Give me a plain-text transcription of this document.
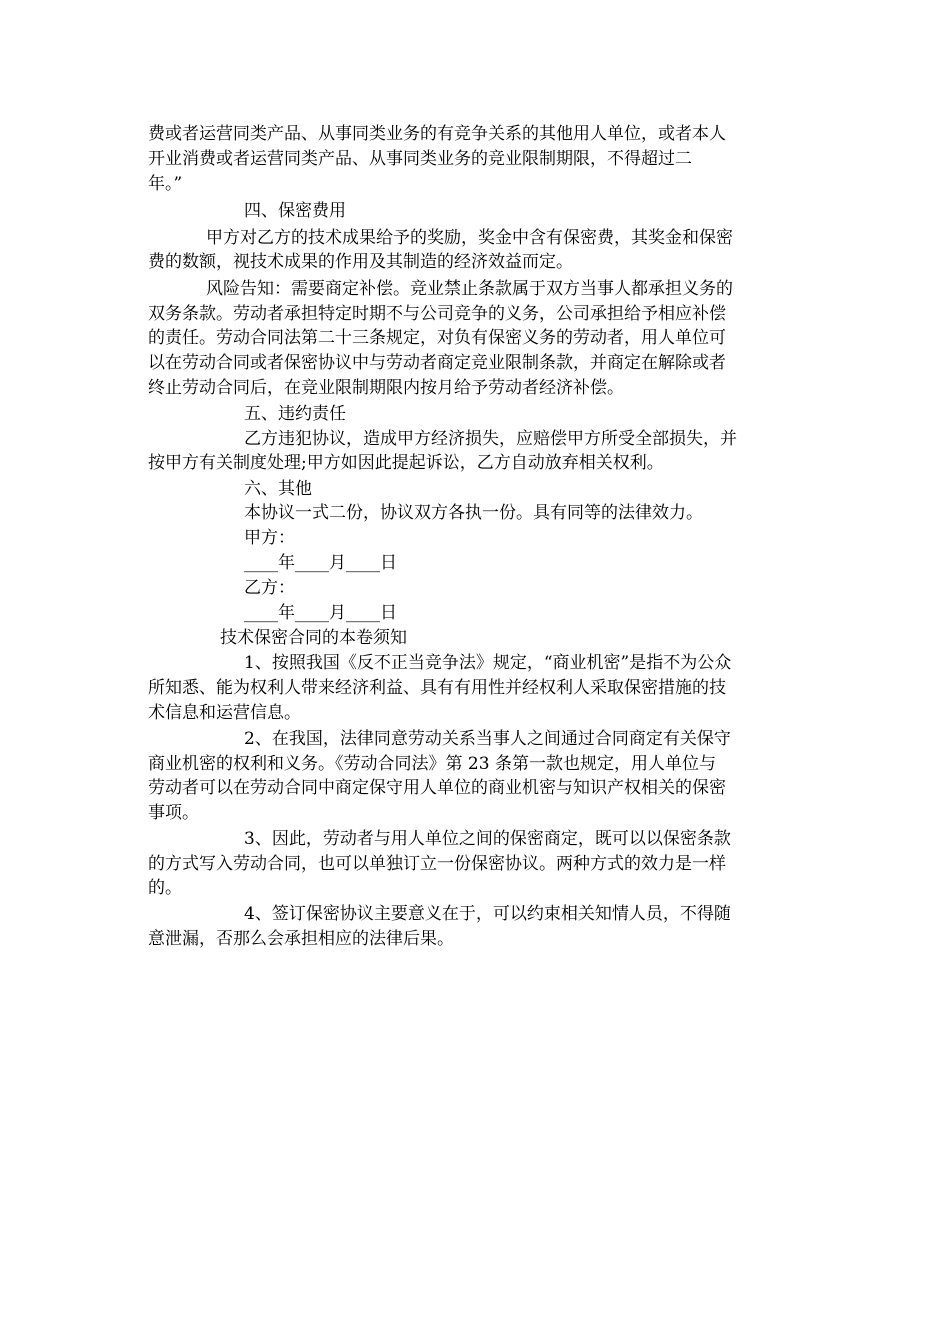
费或者运营同类产品、从事同类业务的有竞争关系的其他用人单位，或者本人
开业消费或者运营同类产品、从事同类业务的竞业限制期限，不得超过二
年。”
四、保密费用
甲方对乙方的技术成果给予的奖励，奖金中含有保密费，其奖金和保密
费的数额，视技术成果的作用及其制造的经济效益而定。
风险告知：需要商定补偿。竞业禁止条款属于双方当事人都承担义务的
双务条款。劳动者承担特定时期不与公司竞争的义务，公司承担给予相应补偿
的责任。劳动合同法第二十三条规定，对负有保密义务的劳动者，用人单位可
以在劳动合同或者保密协议中与劳动者商定竞业限制条款，并商定在解除或者
终止劳动合同后，在竞业限制期限内按月给予劳动者经济补偿。
五、违约责任
乙方违犯协议，造成甲方经济损失，应赔偿甲方所受全部损失，并
按甲方有关制度处理;甲方如因此提起诉讼，乙方自动放弃相关权利。
六、其他
本协议一式二份，协议双方各执一份。具有同等的法律效力。
甲方：
____年____月____日
乙方：
____年____月____日
技术保密合同的本卷须知
1、按照我国《反不正当竞争法》规定，“商业机密”是指不为公众
所知悉、能为权利人带来经济利益、具有有用性并经权利人采取保密措施的技
术信息和运营信息。
2、在我国，法律同意劳动关系当事人之间通过合同商定有关保守
商业机密的权利和义务。《劳动合同法》第 23 条第一款也规定，用人单位与
劳动者可以在劳动合同中商定保守用人单位的商业机密与知识产权相关的保密
事项。
3、因此，劳动者与用人单位之间的保密商定，既可以以保密条款
的方式写入劳动合同，也可以单独订立一份保密协议。两种方式的效力是一样
的。
4、签订保密协议主要意义在于，可以约束相关知情人员，不得随
意泄漏，否那么会承担相应的法律后果。
